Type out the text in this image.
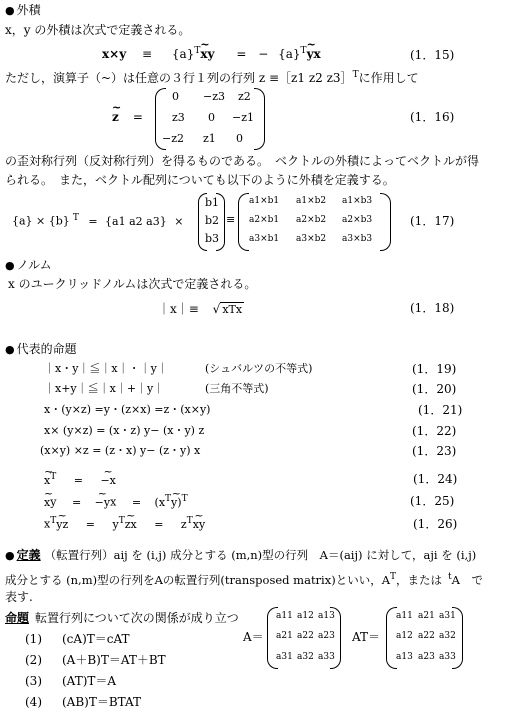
● 外積
x，y の外積は次式で定義される。
$x\times y \equiv \{a\}^T\sim$ xy = − $\{a\}^T\sim$ yx	(1．15)
ただし，演算子（~）は任意の３行１列の行列 z ≡［z1 z2 z3］$^T$に作用して
~ z =
0 −z3 z2
z3 0 −z1
−z2 z1 0
(1．16)
の歪対称行列（反対称行列）を得るものである。　ベクトルの外積によってベクトルが得
られる。　また，ベクトル配列についても以下のように外積を定義する。
{a} × {b} $^T$ = {a1 a2 a3} ×
b1
b2
b3
≡
a1×b1 a1×b2 a1×b3
a2×b1 a2×b2 a2×b3
a3×b1 a3×b2 a3×b3
(1．17)
● ノルム
x のユークリッドノルムは次式で定義される。
｜x｜≡ √ xTx	(1．18)
● 代表的命題
｜x・y｜≦｜x｜・｜y｜	(シュバルツの不等式)	(1．19)
｜x+y｜≦｜x｜+｜y｜	(三角不等式)	(1．20)
x・(y×z) =y・(z×x) =z・(x×y)	(1．21)
x× (y×z) = (x・z) y− (x・y) z	(1．22)
(x×y) ×z = (z・x) y− (z・y) x	(1．23)
~ $x^T$ = ~ −x	(1．24)
~ xy = ~ $-yx = (x^T\sim$ y)$^T$	(1．25)
$x^T\sim$ yz = $y^T\sim$ zx = $z^T\sim$ xy	(1．26)
● 定義 （転置行列）aij を (i,j) 成分とする (m,n)型の行列　A＝(aij) に対して，aji を (i,j)
成分とする (n,m)型の行列をAの転置行列(transposed matrix)といい，$A^T$，または $^t$A　で
表す.
命題 転置行列について次の関係が成り立つ
(1) (cA)T＝cAT
(2) (A＋B)T＝AT＋BT
(3) (AT)T＝A
(4) (AB)T＝BTAT
A＝
a11 a12 a13
a21 a22 a23
a31 a32 a33
AT＝
a11 a21 a31
a12 a22 a32
a13 a23 a33
